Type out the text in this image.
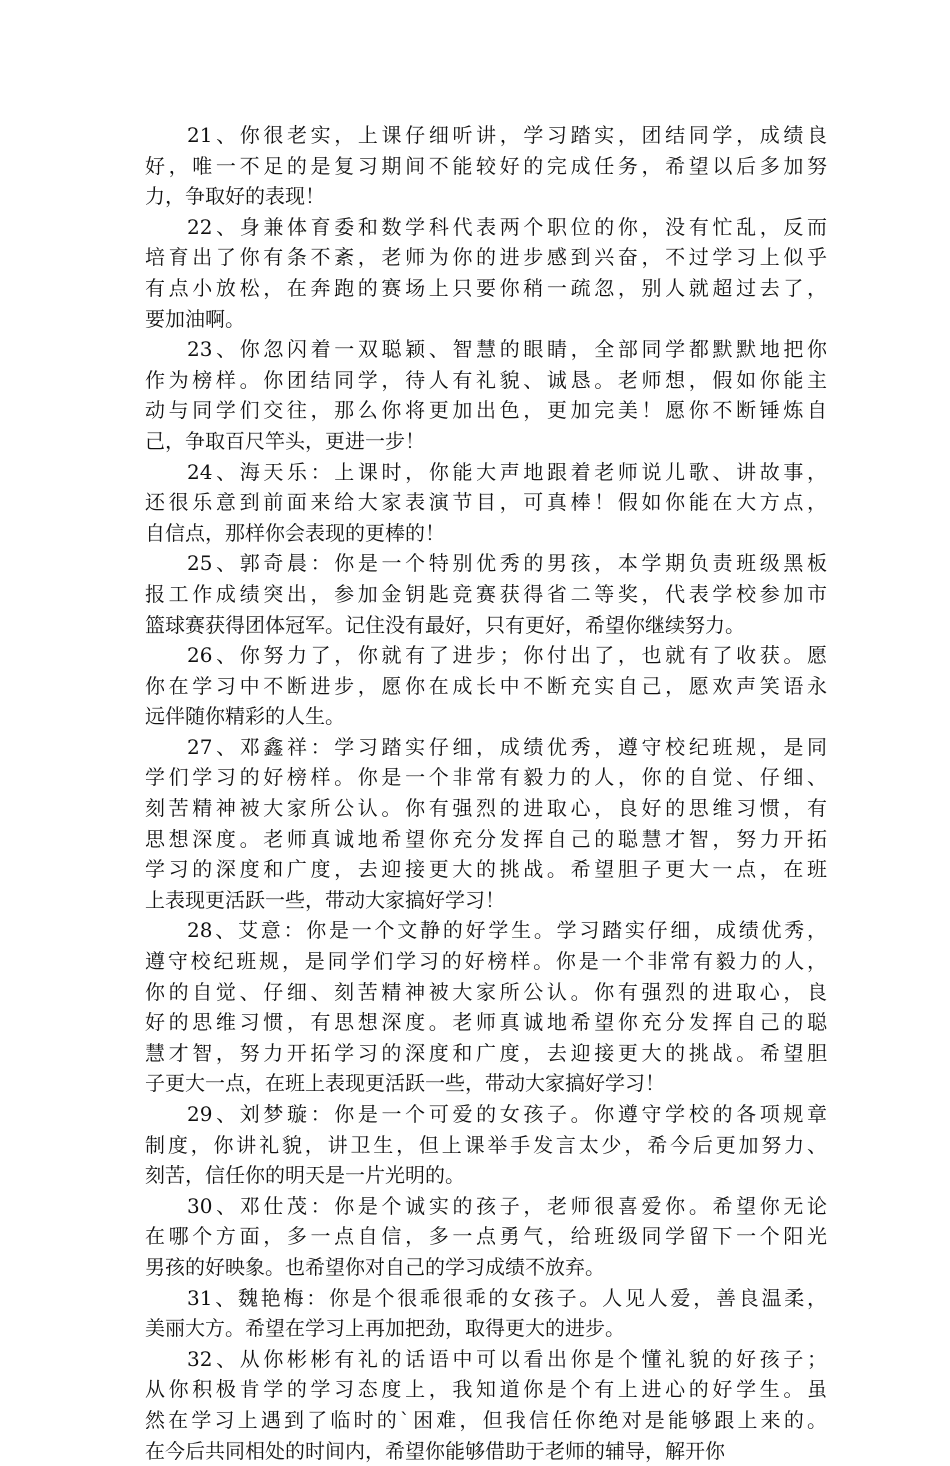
21、你很老实，上课仔细听讲，学习踏实，团结同学，成绩良
好，唯一不足的是复习期间不能较好的完成任务，希望以后多加努
力，争取好的表现！
22、身兼体育委和数学科代表两个职位的你，没有忙乱，反而
培育出了你有条不紊，老师为你的进步感到兴奋，不过学习上似乎
有点小放松，在奔跑的赛场上只要你稍一疏忽，别人就超过去了，
要加油啊。
23、你忽闪着一双聪颖、智慧的眼睛，全部同学都默默地把你
作为榜样。你团结同学，待人有礼貌、诚恳。老师想，假如你能主
动与同学们交往，那么你将更加出色，更加完美！愿你不断锤炼自
己，争取百尺竿头，更进一步！
24、海天乐：上课时，你能大声地跟着老师说儿歌、讲故事，
还很乐意到前面来给大家表演节目，可真棒！假如你能在大方点，
自信点，那样你会表现的更棒的！
25、郭奇晨：你是一个特别优秀的男孩，本学期负责班级黑板
报工作成绩突出，参加金钥匙竞赛获得省二等奖，代表学校参加市
篮球赛获得团体冠军。记住没有最好，只有更好，希望你继续努力。
26、你努力了，你就有了进步；你付出了，也就有了收获。愿
你在学习中不断进步，愿你在成长中不断充实自己，愿欢声笑语永
远伴随你精彩的人生。
27、邓鑫祥：学习踏实仔细，成绩优秀，遵守校纪班规，是同
学们学习的好榜样。你是一个非常有毅力的人，你的自觉、仔细、
刻苦精神被大家所公认。你有强烈的进取心，良好的思维习惯，有
思想深度。老师真诚地希望你充分发挥自己的聪慧才智，努力开拓
学习的深度和广度，去迎接更大的挑战。希望胆子更大一点，在班
上表现更活跃一些，带动大家搞好学习！
28、艾意：你是一个文静的好学生。学习踏实仔细，成绩优秀，
遵守校纪班规，是同学们学习的好榜样。你是一个非常有毅力的人，
你的自觉、仔细、刻苦精神被大家所公认。你有强烈的进取心，良
好的思维习惯，有思想深度。老师真诚地希望你充分发挥自己的聪
慧才智，努力开拓学习的深度和广度，去迎接更大的挑战。希望胆
子更大一点，在班上表现更活跃一些，带动大家搞好学习！
29、刘梦璇：你是一个可爱的女孩子。你遵守学校的各项规章
制度，你讲礼貌，讲卫生，但上课举手发言太少，希今后更加努力、
刻苦，信任你的明天是一片光明的。
30、邓仕茂：你是个诚实的孩子，老师很喜爱你。希望你无论
在哪个方面，多一点自信，多一点勇气，给班级同学留下一个阳光
男孩的好映象。也希望你对自己的学习成绩不放弃。
31、魏艳梅：你是个很乖很乖的女孩子。人见人爱，善良温柔，
美丽大方。希望在学习上再加把劲，取得更大的进步。
32、从你彬彬有礼的话语中可以看出你是个懂礼貌的好孩子；
从你积极肯学的学习态度上，我知道你是个有上进心的好学生。虽
然在学习上遇到了临时的`困难，但我信任你绝对是能够跟上来的。
在今后共同相处的时间内，希望你能够借助于老师的辅导，解开你
